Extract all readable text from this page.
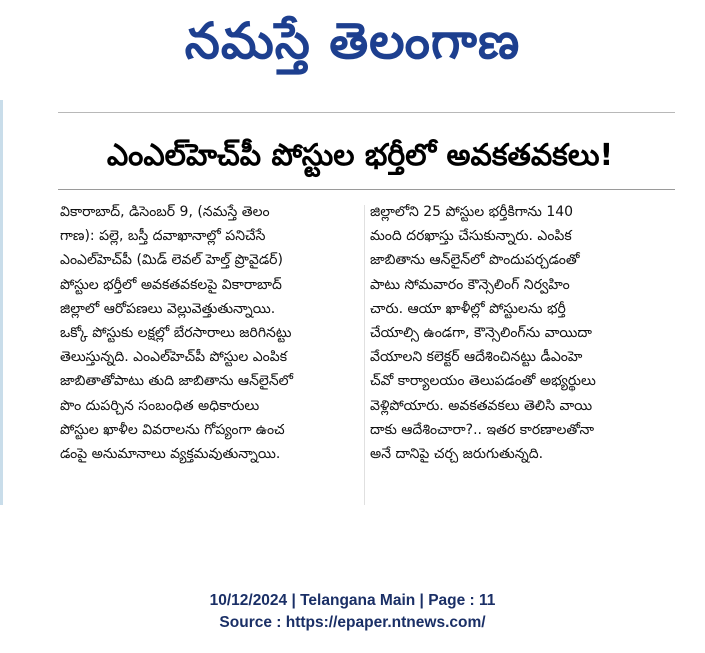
నమస్తే తెలంగాణ
ఎంఎల్‌హెచ్‌పీ పోస్టుల భర్తీలో అవకతవకలు!

వికారాబాద్, డిసెంబర్ 9, (నమస్తే తెలం

గాణ): పల్లె, బస్తీ దవాఖానాల్లో పనిచేసే

ఎంఎల్‌హెచ్‌పీ (మిడ్ లెవల్ హెల్త్ ప్రొవైడర్)

పోస్టుల భర్తీలో అవకతవకలపై వికారాబాద్

జిల్లాలో ఆరోపణలు వెల్లువెత్తుతున్నాయి.

ఒక్కో పోస్టుకు లక్షల్లో బేరసారాలు జరిగినట్టు

తెలుస్తున్నది. ఎంఎల్‌హెచ్‌పీ పోస్టుల ఎంపిక

జాబితాతోపాటు తుది జాబితాను ఆన్‌లైన్‌లో

పొం దుపర్చిన సంబంధిత అధికారులు

పోస్టుల ఖాళీల వివరాలను గోప్యంగా ఉంచ

డంపై అనుమానాలు వ్యక్తమవుతున్నాయి.

జిల్లాలోని 25 పోస్టుల భర్తీకిగాను 140

మంది దరఖాస్తు చేసుకున్నారు. ఎంపిక

జాబితాను ఆన్‌లైన్‌లో పొందుపర్చడంతో

పాటు సోమవారం కౌన్సెలింగ్ నిర్వహిం

చారు. ఆయా ఖాళీల్లో పోస్టులను భర్తీ

చేయాల్సి ఉండగా, కౌన్సెలింగ్‌ను వాయిదా

వేయాలని కలెక్టర్ ఆదేశించినట్టు డీఎంహె

చ్‌వో కార్యాలయం తెలుపడంతో అభ్యర్థులు

వెళ్లిపోయారు. అవకతవకలు తెలిసి వాయి

దాకు ఆదేశించారా?.. ఇతర కారణాలతోనా

అనే దానిపై చర్చ జరుగుతున్నది.

10/12/2024 | Telangana Main | Page : 11
Source : https://epaper.ntnews.com/
